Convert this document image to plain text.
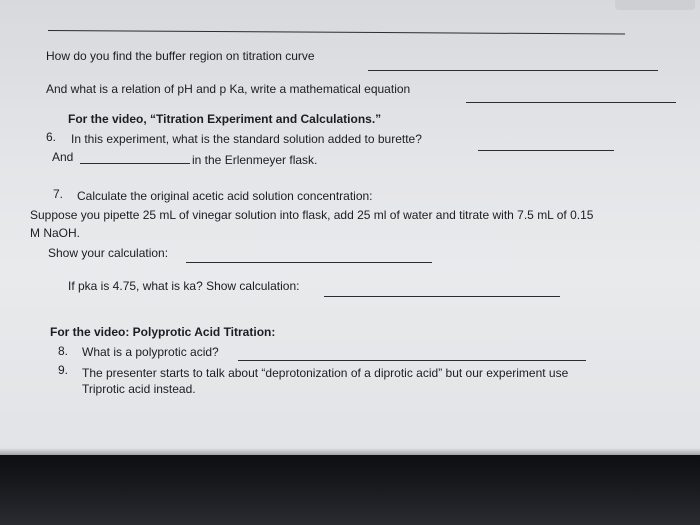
How do you find the buffer region on titration curve
And what is a relation of pH and p Ka, write a mathematical equation
For the video, “Titration Experiment and Calculations.”
6. In this experiment, what is the standard solution added to burette?
And	in the Erlenmeyer flask.
7. Calculate the original acetic acid solution concentration:
Suppose you pipette 25 mL of vinegar solution into flask, add 25 ml of water and titrate with 7.5 mL of 0.15
M NaOH.
Show your calculation:
If pka is 4.75, what is ka? Show calculation:
For the video: Polyprotic Acid Titration:
8. What is a polyprotic acid?
9. The presenter starts to talk about “deprotonization of a diprotic acid” but our experiment use
Triprotic acid instead.
